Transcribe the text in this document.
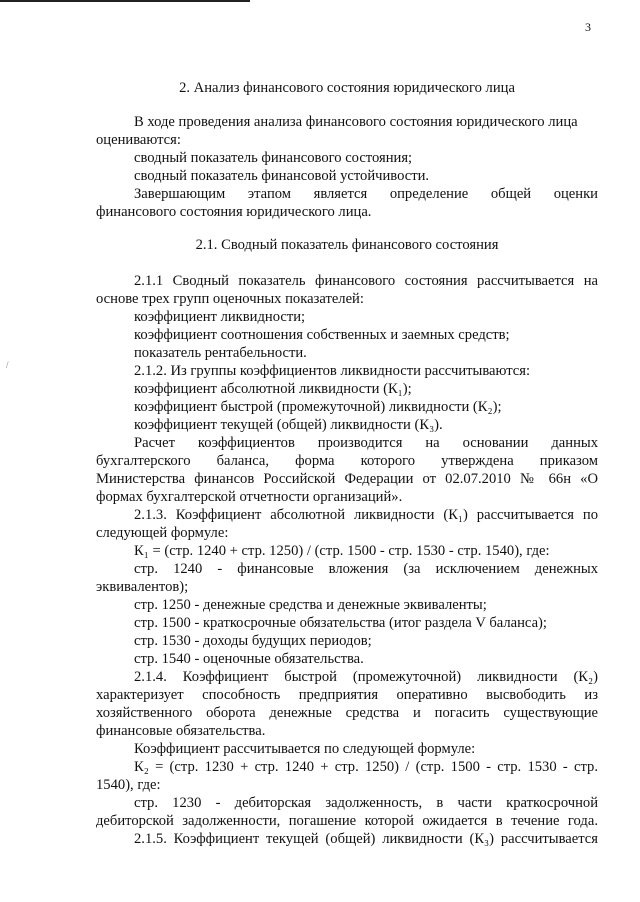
/
3
2. Анализ финансового состояния юридического лица
2.1. Сводный показатель финансового состояния
В ходе проведения анализа финансового состояния юридического лица
оцениваются:
сводный показатель финансового состояния;
сводный показатель финансовой устойчивости.
Завершающим этапом является определение общей оценки
финансового состояния юридического лица.
2.1.1 Сводный показатель финансового состояния рассчитывается на
основе трех групп оценочных показателей:
коэффициент ликвидности;
коэффициент соотношения собственных и заемных средств;
показатель рентабельности.
2.1.2. Из группы коэффициентов ликвидности рассчитываются:
коэффициент абсолютной ликвидности (К₁);
коэффициент быстрой (промежуточной) ликвидности (К₂);
коэффициент текущей (общей) ликвидности (К₃).
Расчет коэффициентов производится на основании данных
бухгалтерского баланса, форма которого утверждена приказом
Министерства финансов Российской Федерации от 02.07.2010 № 66н «О
формах бухгалтерской отчетности организаций».
2.1.3. Коэффициент абсолютной ликвидности (К₁) рассчитывается по
следующей формуле:
К₁ = (стр. 1240 + стр. 1250) / (стр. 1500 - стр. 1530 - стр. 1540), где:
стр. 1240 - финансовые вложения (за исключением денежных
эквивалентов);
стр. 1250 - денежные средства и денежные эквиваленты;
стр. 1500 - краткосрочные обязательства (итог раздела V баланса);
стр. 1530 - доходы будущих периодов;
стр. 1540 - оценочные обязательства.
2.1.4. Коэффициент быстрой (промежуточной) ликвидности (К₂)
характеризует способность предприятия оперативно высвободить из
хозяйственного оборота денежные средства и погасить существующие
финансовые обязательства.
Коэффициент рассчитывается по следующей формуле:
К₂ = (стр. 1230 + стр. 1240 + стр. 1250) / (стр. 1500 - стр. 1530 - стр.
1540), где:
стр. 1230 - дебиторская задолженность, в части краткосрочной
дебиторской задолженности, погашение которой ожидается в течение года.
2.1.5. Коэффициент текущей (общей) ликвидности (К₃) рассчитывается
